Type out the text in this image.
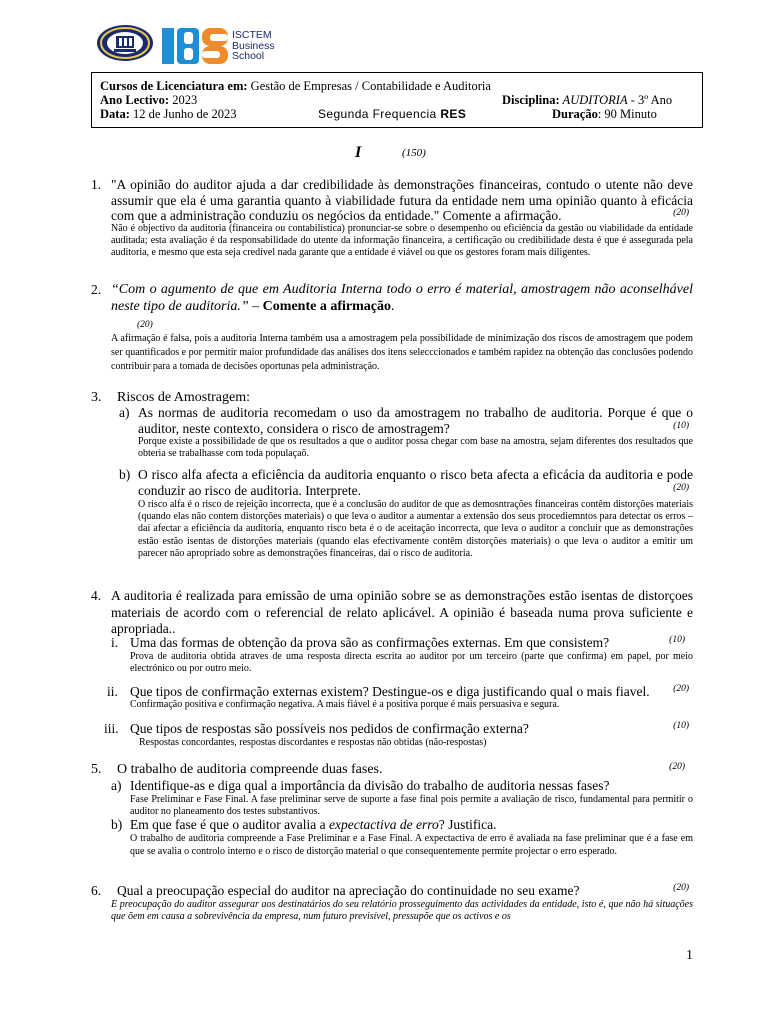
ISCTEM
Business
School
Cursos de Licenciatura em: Gestão de Empresas / Contabilidade e Auditoria
Ano Lectivo: 2023	Disciplina: AUDITORIA - 3º Ano
Data: 12 de Junho de 2023	Segunda Frequencia RES	Duração: 90 Minuto
I	(150)
1. "A opinião do auditor ajuda a dar credibilidade às demonstrações financeiras, contudo o utente não deve assumir que ela é uma garantia quanto à viabilidade futura da entidade nem uma opinião quanto à eficácia com que a administração conduziu os negócios da entidade." Comente a afirmação.	(20)
Não é objectivo da auditoria (financeira ou contabilística) pronunciar-se sobre o desempenho ou eficiência da gestão ou viabilidade da entidade auditada; esta avaliação é da responsabilidade do utente da informação financeira, a certificação ou credibilidade desta é que é assegurada pela auditoria, e mesmo que esta seja credível nada garante que a entidade é viável ou que os gestores foram mais diligentes.
2. “Com o agumento de que em Auditoria Interna todo o erro é material, amostragem não aconselhável neste tipo de auditoria.” – Comente a afirmação.
(20)
A afirmação é falsa, pois a auditoria Interna também usa a amostragem pela possibilidade de minimização dos riscos de amostragem que podem ser quantificados e por permitir maior profundidade das análises dos itens selecccionados e também rapidez na obtenção das conclusões podendo contribuir para a tomada de decisões oportunas pela administração.
3. Riscos de Amostragem:
a) As normas de auditoria recomedam o uso da amostragem no trabalho de auditoria. Porque é que o auditor, neste contexto, considera o risco de amostragem?	(10)
Porque existe a possibilidade de que os resultados a que o auditor possa chegar com base na amostra, sejam diferentes dos resultados que obteria se trabalhasse com toda populaçaõ.
b) O risco alfa afecta a eficiência da auditoria enquanto o risco beta afecta a eficácia da auditoria e pode conduzir ao risco de auditoria. Interprete.	(20)
O risco alfa é o risco de rejeição incorrecta, que é a conclusão do auditor de que as demosntrações financeiras contêm distorções materiais (quando elas não contem distorções materiais) o que leva o auditor a aumentar a extensão dos seus procediemntos para detectar os erros – daí afectar a eficiência da auditoria, enquanto risco beta é o de aceitação incorrecta, que leva o auditor a concluir que as demonstrações estão estão isentas de distorções materiais (quando elas efectivamente contêm distorções materiais) o que leva o auditor a emitir um parecer não apropriado sobre as demonstrações financeiras, daí o risco de auditoria.
4. A auditoria é realizada para emissão de uma opinião sobre se as demonstrações estão isentas de distorçoes materiais de acordo com o referencial de relato aplicável. A opinião é baseada numa prova suficiente e apropriada..
i. Uma das formas de obtenção da prova são as confirmações externas. Em que consistem?	(10)
Prova de auditoria obtida atraves de uma resposta directa escrita ao auditor por um terceiro (parte que confirma) em papel, por meio electrónico ou por outro meio.
ii. Que tipos de confirmação externas existem? Destingue-os e diga justificando qual o mais fiavel. (20)
Confirmação positiva e confirmação negativa. A mais fiável é a positiva porque é mais persuasiva e segura.
iii. Que tipos de respostas são possíveis nos pedidos de confirmação externa?	(10)
Respostas concordantes, respostas discordantes e respostas não obtidas (não-respostas)
5. O trabalho de auditoria compreende duas fases.	(20)
a) Identifique-as e diga qual a importância da divisão do trabalho de auditoria nessas fases?
Fase Preliminar e Fase Final. A fase preliminar serve de suporte a fase final pois permite a avaliação de risco, fundamental para permitir o auditor no planeamento dos testes substantivos.
b) Em que fase é que o auditor avalia a expectactiva de erro? Justifica.
O trabalho de auditoria compreende a Fase Preliminar e a Fase Final. A expectactiva de erro é avaliada na fase preliminar que é a fase em que se avalia o controlo interno e o risco de distorção material o que consequentemente permite projectar o erro esperado.
6. Qual a preocupação especial do auditor na apreciação do continuidade no seu exame?	(20)
É preocupação do auditor assegurar aos destinatários do seu relatório prosseguimento das actividades da entidade, isto é, que não há situações que õem em causa a sobrevivência da empresa, num futuro previsível, pressupõe que os activos e os
1
